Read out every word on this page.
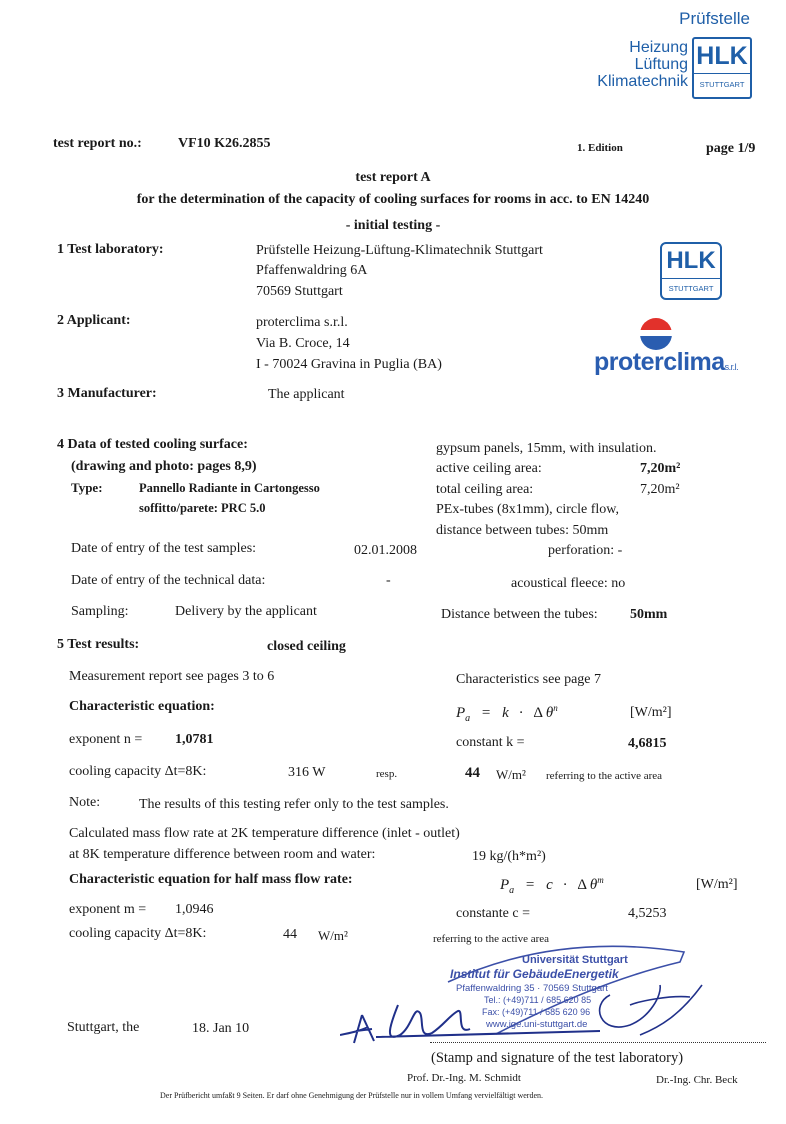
Prüfstelle
Heizung
Lüftung
Klimatechnik
HLK
STUTTGART
test report no.:	VF10 K26.2855	1. Edition	page 1/9
test report A
for the determination of the capacity of cooling surfaces for rooms in acc. to EN 14240
- initial testing -
1 Test laboratory:	Prüfstelle Heizung-Lüftung-Klimatechnik Stuttgart
Pfaffenwaldring 6A
70569 Stuttgart
HLK
STUTTGART
2 Applicant:	proterclima s.r.l.
Via B. Croce, 14
I - 70024 Gravina in Puglia (BA)	proterclimas.r.l.
3 Manufacturer:	The applicant
4 Data of tested cooling surface:
(drawing and photo: pages 8,9)
Type:	Pannello Radiante in Cartongesso
soffitto/parete: PRC 5.0
gypsum panels, 15mm, with insulation.
active ceiling area:	7,20m²
total ceiling area:	7,20m²
PEx-tubes (8x1mm), circle flow,
distance between tubes: 50mm
Date of entry of the test samples:	02.01.2008	perforation: -
Date of entry of the technical data:	-	acoustical fleece: no
Sampling:	Delivery by the applicant	Distance between the tubes: 50mm
5 Test results:	closed ceiling
Measurement report see pages 3 to 6	Characteristics see page 7
Characteristic equation:	$P_a = k \cdot \Delta$ $\theta^n$	[W/m²]
exponent n = 1,0781	constant k =	4,6815
cooling capacity Δt=8K:	316 W	resp.	44 W/m² referring to the active area
Note:	The results of this testing refer only to the test samples.
Calculated mass flow rate at 2K temperature difference (inlet - outlet)
at 8K temperature difference between room and water:	19 kg/(h*m²)
Characteristic equation for half mass flow rate:	$P_a = c \cdot \Delta$ $\theta^m$	[W/m²]
exponent m = 1,0946	constante c =	4,5253
cooling capacity Δt=8K:	44 W/m²	referring to the active area
Stuttgart, the	18. Jan 10
Universität Stuttgart
Institut für GebäudeEnergetik
Pfaffenwaldring 35 · 70569 Stuttgart
Tel.: (+49)711 / 685 620 85
Fax: (+49)711 / 685 620 96
www.ige.uni-stuttgart.de
(Stamp and signature of the test laboratory)
Prof. Dr.-Ing. M. Schmidt	Dr.-Ing. Chr. Beck
Der Prüfbericht umfaßt 9 Seiten. Er darf ohne Genehmigung der Prüfstelle nur in vollem Umfang vervielfältigt werden.
